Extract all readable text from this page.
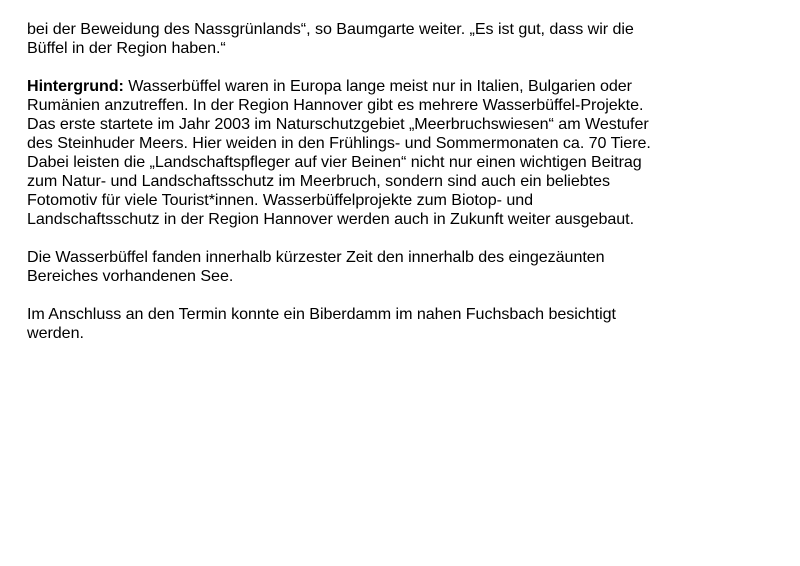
bei der Beweidung des Nassgrünlands“, so Baumgarte weiter. „Es ist gut, dass wir die
Büffel in der Region haben.“
Hintergrund: Wasserbüffel waren in Europa lange meist nur in Italien, Bulgarien oder
Rumänien anzutreffen. In der Region Hannover gibt es mehrere Wasserbüffel-Projekte.
Das erste startete im Jahr 2003 im Naturschutzgebiet „Meerbruchswiesen“ am Westufer
des Steinhuder Meers. Hier weiden in den Frühlings- und Sommermonaten ca. 70 Tiere.
Dabei leisten die „Landschaftspfleger auf vier Beinen“ nicht nur einen wichtigen Beitrag
zum Natur- und Landschaftsschutz im Meerbruch, sondern sind auch ein beliebtes
Fotomotiv für viele Tourist*innen. Wasserbüffelprojekte zum Biotop- und
Landschaftsschutz in der Region Hannover werden auch in Zukunft weiter ausgebaut.
Die Wasserbüffel fanden innerhalb kürzester Zeit den innerhalb des eingezäunten
Bereiches vorhandenen See.
Im Anschluss an den Termin konnte ein Biberdamm im nahen Fuchsbach besichtigt
werden.
